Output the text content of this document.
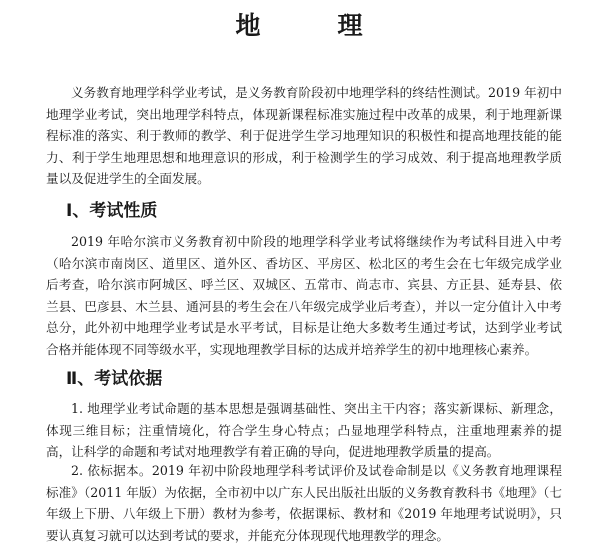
地　理
义务教育地理学科学业考试，是义务教育阶段初中地理学科的终结性测试。2019 年初中地理学业考试，突出地理学科特点，体现新课程标准实施过程中改革的成果，利于地理新课程标准的落实、利于教师的教学、利于促进学生学习地理知识的积极性和提高地理技能的能力、利于学生地理思想和地理意识的形成，利于检测学生的学习成效、利于提高地理教学质量以及促进学生的全面发展。
Ⅰ、考试性质
2019 年哈尔滨市义务教育初中阶段的地理学科学业考试将继续作为考试科目进入中考（哈尔滨市南岗区、道里区、道外区、香坊区、平房区、松北区的考生会在七年级完成学业后考查，哈尔滨市阿城区、呼兰区、双城区、五常市、尚志市、宾县、方正县、延寿县、依兰县、巴彦县、木兰县、通河县的考生会在八年级完成学业后考查），并以一定分值计入中考总分，此外初中地理学业考试是水平考试，目标是让绝大多数考生通过考试，达到学业考试合格并能体现不同等级水平，实现地理教学目标的达成并培养学生的初中地理核心素养。
Ⅱ、考试依据
1. 地理学业考试命题的基本思想是强调基础性、突出主干内容；落实新课标、新理念，体现三维目标；注重情境化，符合学生身心特点；凸显地理学科特点，注重地理素养的提高，让科学的命题和考试对地理教学有着正确的导向，促进地理教学质量的提高。
2. 依标据本。2019 年初中阶段地理学科考试评价及试卷命制是以《义务教育地理课程标准》（2011 年版）为依据，全市初中以广东人民出版社出版的义务教育教科书《地理》（七年级上下册、八年级上下册）教材为参考，依据课标、教材和《2019 年地理考试说明》，只要认真复习就可以达到考试的要求，并能充分体现现代地理教学的理念。
